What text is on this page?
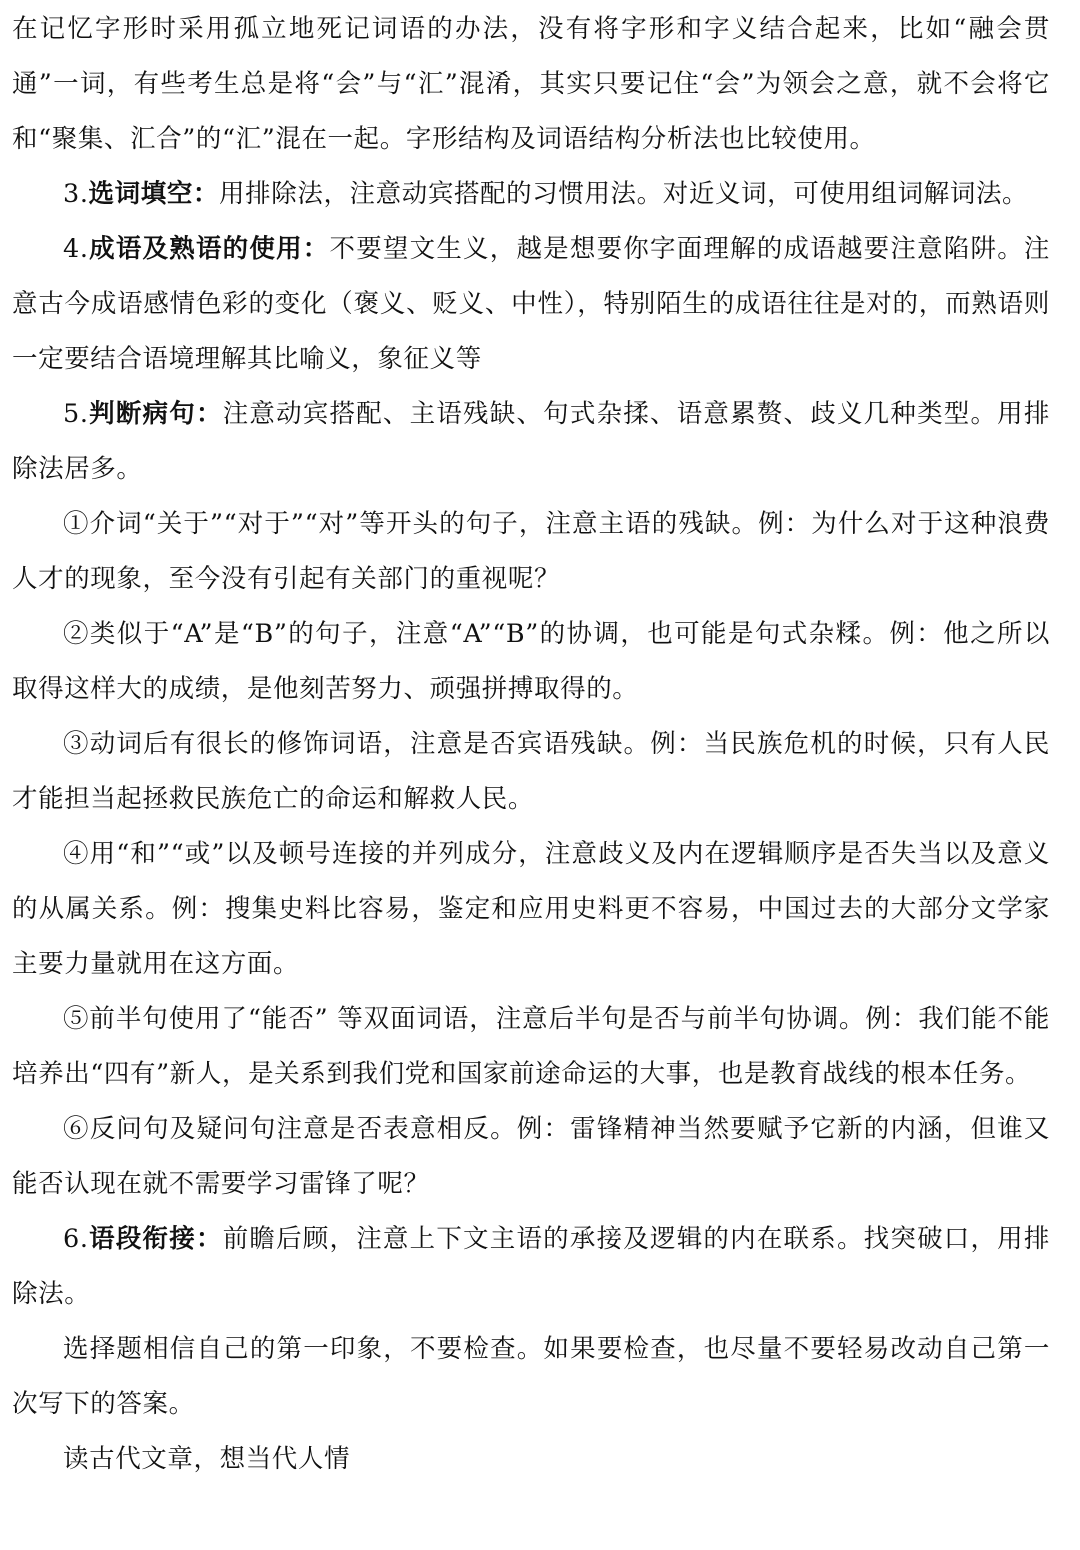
在记忆字形时采用孤立地死记词语的办法，没有将字形和字义结合起来，比如“融会贯通”一词，有些考生总是将“会”与“汇”混淆，其实只要记住“会”为领会之意，就不会将它和“聚集、汇合”的“汇”混在一起。字形结构及词语结构分析法也比较使用。

3.选词填空：用排除法，注意动宾搭配的习惯用法。对近义词，可使用组词解词法。

4.成语及熟语的使用：不要望文生义，越是想要你字面理解的成语越要注意陷阱。注意古今成语感情色彩的变化（褒义、贬义、中性），特别陌生的成语往往是对的，而熟语则一定要结合语境理解其比喻义，象征义等

5.判断病句：注意动宾搭配、主语残缺、句式杂揉、语意累赘、歧义几种类型。用排除法居多。

①介词“关于”“对于”“对”等开头的句子，注意主语的残缺。例：为什么对于这种浪费人才的现象，至今没有引起有关部门的重视呢？

②类似于“A”是“B”的句子，注意“A”“B”的协调，也可能是句式杂糅。例：他之所以取得这样大的成绩，是他刻苦努力、顽强拼搏取得的。

③动词后有很长的修饰词语，注意是否宾语残缺。例：当民族危机的时候，只有人民才能担当起拯救民族危亡的命运和解救人民。

④用“和”“或”以及顿号连接的并列成分，注意歧义及内在逻辑顺序是否失当以及意义的从属关系。例：搜集史料比容易，鉴定和应用史料更不容易，中国过去的大部分文学家主要力量就用在这方面。

⑤前半句使用了“能否” 等双面词语，注意后半句是否与前半句协调。例：我们能不能培养出“四有”新人，是关系到我们党和国家前途命运的大事，也是教育战线的根本任务。

⑥反问句及疑问句注意是否表意相反。例：雷锋精神当然要赋予它新的内涵，但谁又能否认现在就不需要学习雷锋了呢？

6.语段衔接：前瞻后顾，注意上下文主语的承接及逻辑的内在联系。找突破口，用排除法。

选择题相信自己的第一印象，不要检查。如果要检查，也尽量不要轻易改动自己第一次写下的答案。

读古代文章，想当代人情
